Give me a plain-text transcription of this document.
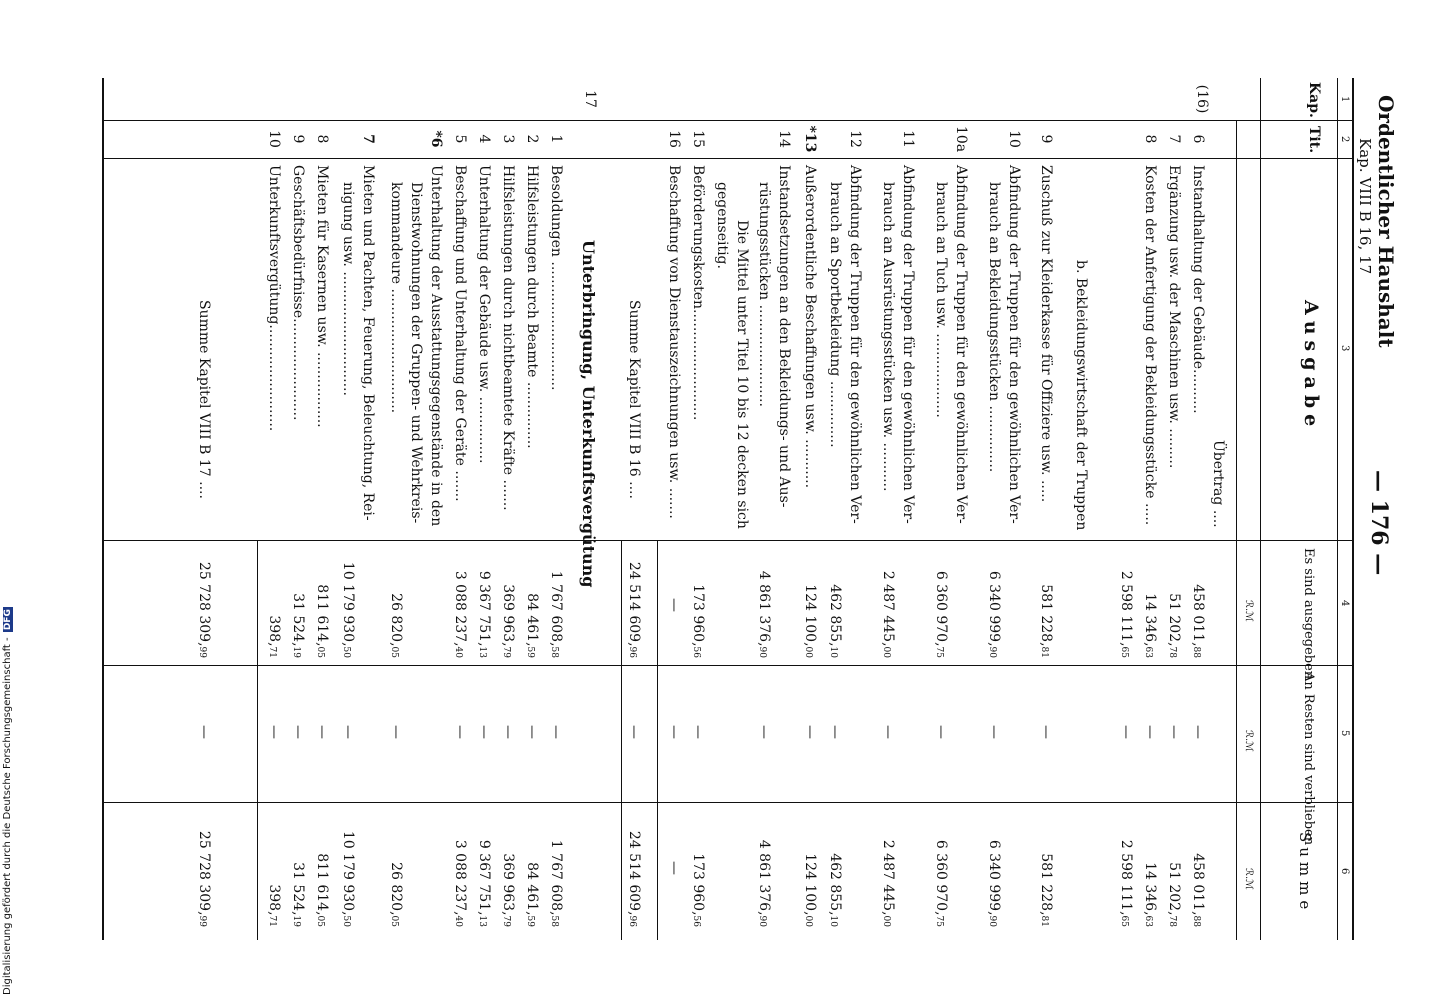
Ordentlicher Haushalt
Kap. VIII B 16, 17
— 176 —
1
2
3
4
5
6
Kap.
Tit.
Ausgabe
Es sind ausgegeben
An Resten sind verblieben
Summe
ℛ.ℳ
ℛ.ℳ
ℛ.ℳ
Übertrag ....
(16)
6
Instandhaltung der Gebäude..........
458 011,88
—
458 011,88
7
Ergänzung usw. der Maschinen usw. .........
51 202,78
—
51 202,78
8
Kosten der Anfertigung der Bekleidungsstücke .....
14 346,63
—
14 346,63
2 598 111,65
—
2 598 111,65
b. Bekleidungswirtschaft der Truppen
9
Zuschuß zur Kleiderkasse für Offiziere usw. .....
581 228,81
—
581 228,81
10
Abfindung der Truppen für den gewöhnlichen Ver-
brauch an Bekleidungsstücken ...............
6 340 999,90
—
6 340 999,90
10a
Abfindung der Truppen für den gewöhnlichen Ver-
brauch an Tuch usw. ...................
6 360 970,75
—
6 360 970,75
11
Abfindung der Truppen für den gewöhnlichen Ver-
brauch an Ausrüstungsstücken usw. ...........
2 487 445,00
—
2 487 445,00
12
Abfindung der Truppen für den gewöhnlichen Ver-
brauch an Sportbekleidung ...............
462 855,10
—
462 855,10
*13
Außerordentliche Beschaffungen usw. ...........
124 100,00
—
124 100,00
14
Instandsetzungen an den Bekleidungs- und Aus-
rüstungsstücken .......................
4 861 376,90
—
4 861 376,90
Die Mittel unter Titel 10 bis 12 decken sich
gegenseitig.
15
Beförderungskosten.........................
173 960,56
—
173 960,56
16
Beschaffung von Dienstauszeichnungen usw. .......
—
—
—
Summe Kapitel VIII B 16 ....
24 514 609,96
—
24 514 609,96
17
Unterbringung, Unterkunftsvergütung
1
Besoldungen .............................
1 767 608,58
—
1 767 608,58
2
Hilfsleistungen durch Beamte ...............
84 461,59
—
84 461,59
3
Hilfsleistungen durch nichtbeamtete Kräfte .......
369 963,79
—
369 963,79
4
Unterhaltung der Gebäude usw. ...............
9 367 751,13
—
9 367 751,13
5
Beschaffung und Unterhaltung der Geräte .......
3 088 237,40
—
3 088 237,40
*6
Unterhaltung der Ausstattungsgegenstände in den
Dienstwohnungen der Gruppen- und Wehrkreis-
kommandeure ............................
26 820,05
—
26 820,05
7
Mieten und Pachten, Feuerung, Beleuchtung, Rei-
nigung usw. ............................
10 179 930,50
—
10 179 930,50
8
Mieten für Kasernen usw. .................
811 614,05
—
811 614,05
9
Geschäftsbedürfnisse.......................
31 524,19
—
31 524,19
10
Unterkunftsvergütung........................
398,71
—
398,71
Summe Kapitel VIII B 17 ....
25 728 309,99
—
25 728 309,99
Digitalisierung gefördert durch die Deutsche Forschungsgemeinschaft - DFG
